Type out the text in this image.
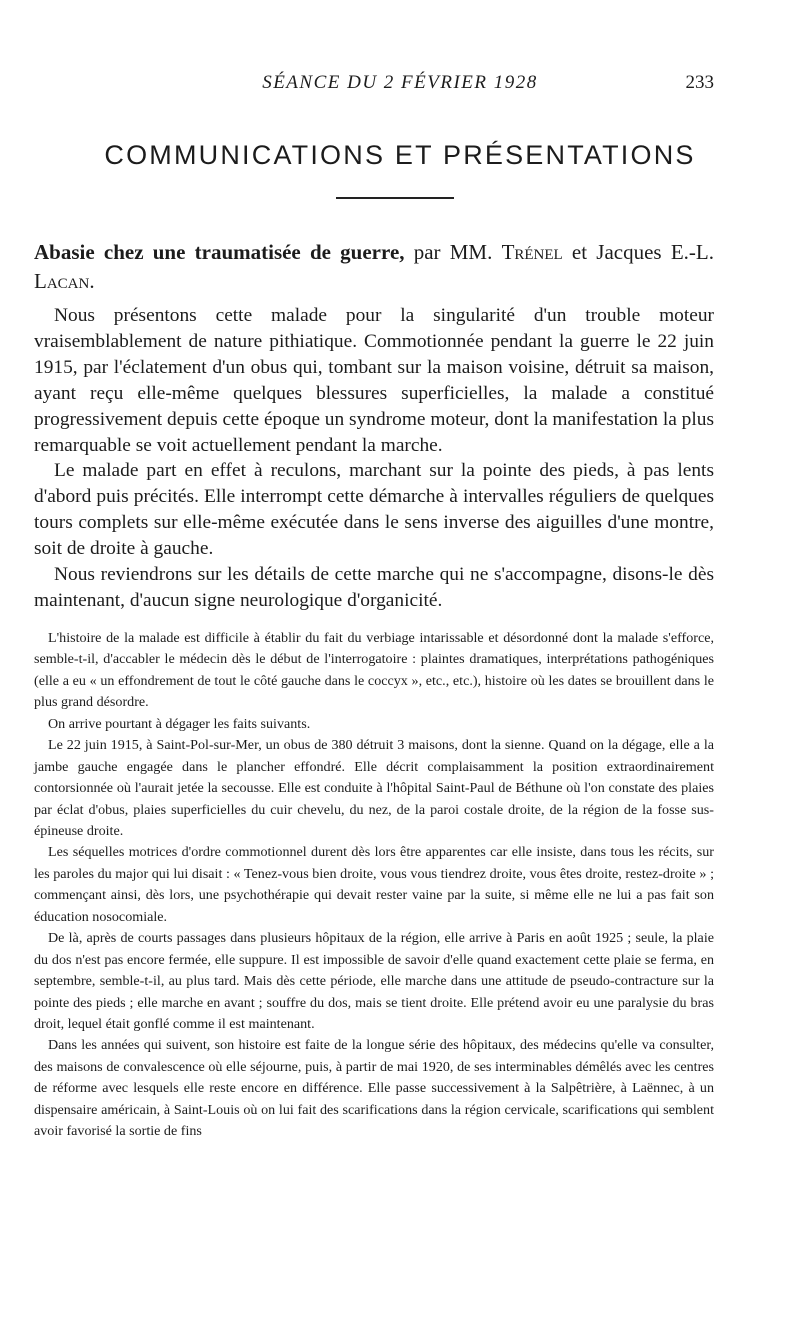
SÉANCE DU 2 FÉVRIER 1928	233
COMMUNICATIONS ET PRÉSENTATIONS

Abasie chez une traumatisée de guerre, par MM. Trénel et Jacques E.-L. Lacan.

Nous présentons cette malade pour la singularité d'un trouble moteur vraisemblablement de nature pithiatique. Commotionnée pendant la guerre le 22 juin 1915, par l'éclatement d'un obus qui, tombant sur la maison voisine, détruit sa maison, ayant reçu elle-même quelques blessures superficielles, la malade a constitué progressivement depuis cette époque un syndrome moteur, dont la manifestation la plus remarquable se voit actuellement pendant la marche.

Le malade part en effet à reculons, marchant sur la pointe des pieds, à pas lents d'abord puis précités. Elle interrompt cette démarche à intervalles réguliers de quelques tours complets sur elle-même exécutée dans le sens inverse des aiguilles d'une montre, soit de droite à gauche.

Nous reviendrons sur les détails de cette marche qui ne s'accompagne, disons-le dès maintenant, d'aucun signe neurologique d'organicité.

L'histoire de la malade est difficile à établir du fait du verbiage intarissable et désordonné dont la malade s'efforce, semble-t-il, d'accabler le médecin dès le début de l'interrogatoire : plaintes dramatiques, interprétations pathogéniques (elle a eu « un effondrement de tout le côté gauche dans le coccyx », etc., etc.), histoire où les dates se brouillent dans le plus grand désordre.

On arrive pourtant à dégager les faits suivants.

Le 22 juin 1915, à Saint-Pol-sur-Mer, un obus de 380 détruit 3 maisons, dont la sienne. Quand on la dégage, elle a la jambe gauche engagée dans le plancher effondré. Elle décrit complaisamment la position extraordinairement contorsionnée où l'aurait jetée la secousse. Elle est conduite à l'hôpital Saint-Paul de Béthune où l'on constate des plaies par éclat d'obus, plaies superficielles du cuir chevelu, du nez, de la paroi costale droite, de la région de la fosse sus-épineuse droite.

Les séquelles motrices d'ordre commotionnel durent dès lors être apparentes car elle insiste, dans tous les récits, sur les paroles du major qui lui disait : « Tenez-vous bien droite, vous vous tiendrez droite, vous êtes droite, restez-droite » ; commençant ainsi, dès lors, une psychothérapie qui devait rester vaine par la suite, si même elle ne lui a pas fait son éducation nosocomiale.

De là, après de courts passages dans plusieurs hôpitaux de la région, elle arrive à Paris en août 1925 ; seule, la plaie du dos n'est pas encore fermée, elle suppure. Il est impossible de savoir d'elle quand exactement cette plaie se ferma, en septembre, semble-t-il, au plus tard. Mais dès cette période, elle marche dans une attitude de pseudo-contracture sur la pointe des pieds ; elle marche en avant ; souffre du dos, mais se tient droite. Elle prétend avoir eu une paralysie du bras droit, lequel était gonflé comme il est maintenant.

Dans les années qui suivent, son histoire est faite de la longue série des hôpitaux, des médecins qu'elle va consulter, des maisons de convalescence où elle séjourne, puis, à partir de mai 1920, de ses interminables démêlés avec les centres de réforme avec lesquels elle reste encore en différence. Elle passe successivement à la Salpêtrière, à Laënnec, à un dispensaire américain, à Saint-Louis où on lui fait des scarifications dans la région cervicale, scarifications qui semblent avoir favorisé la sortie de fins
